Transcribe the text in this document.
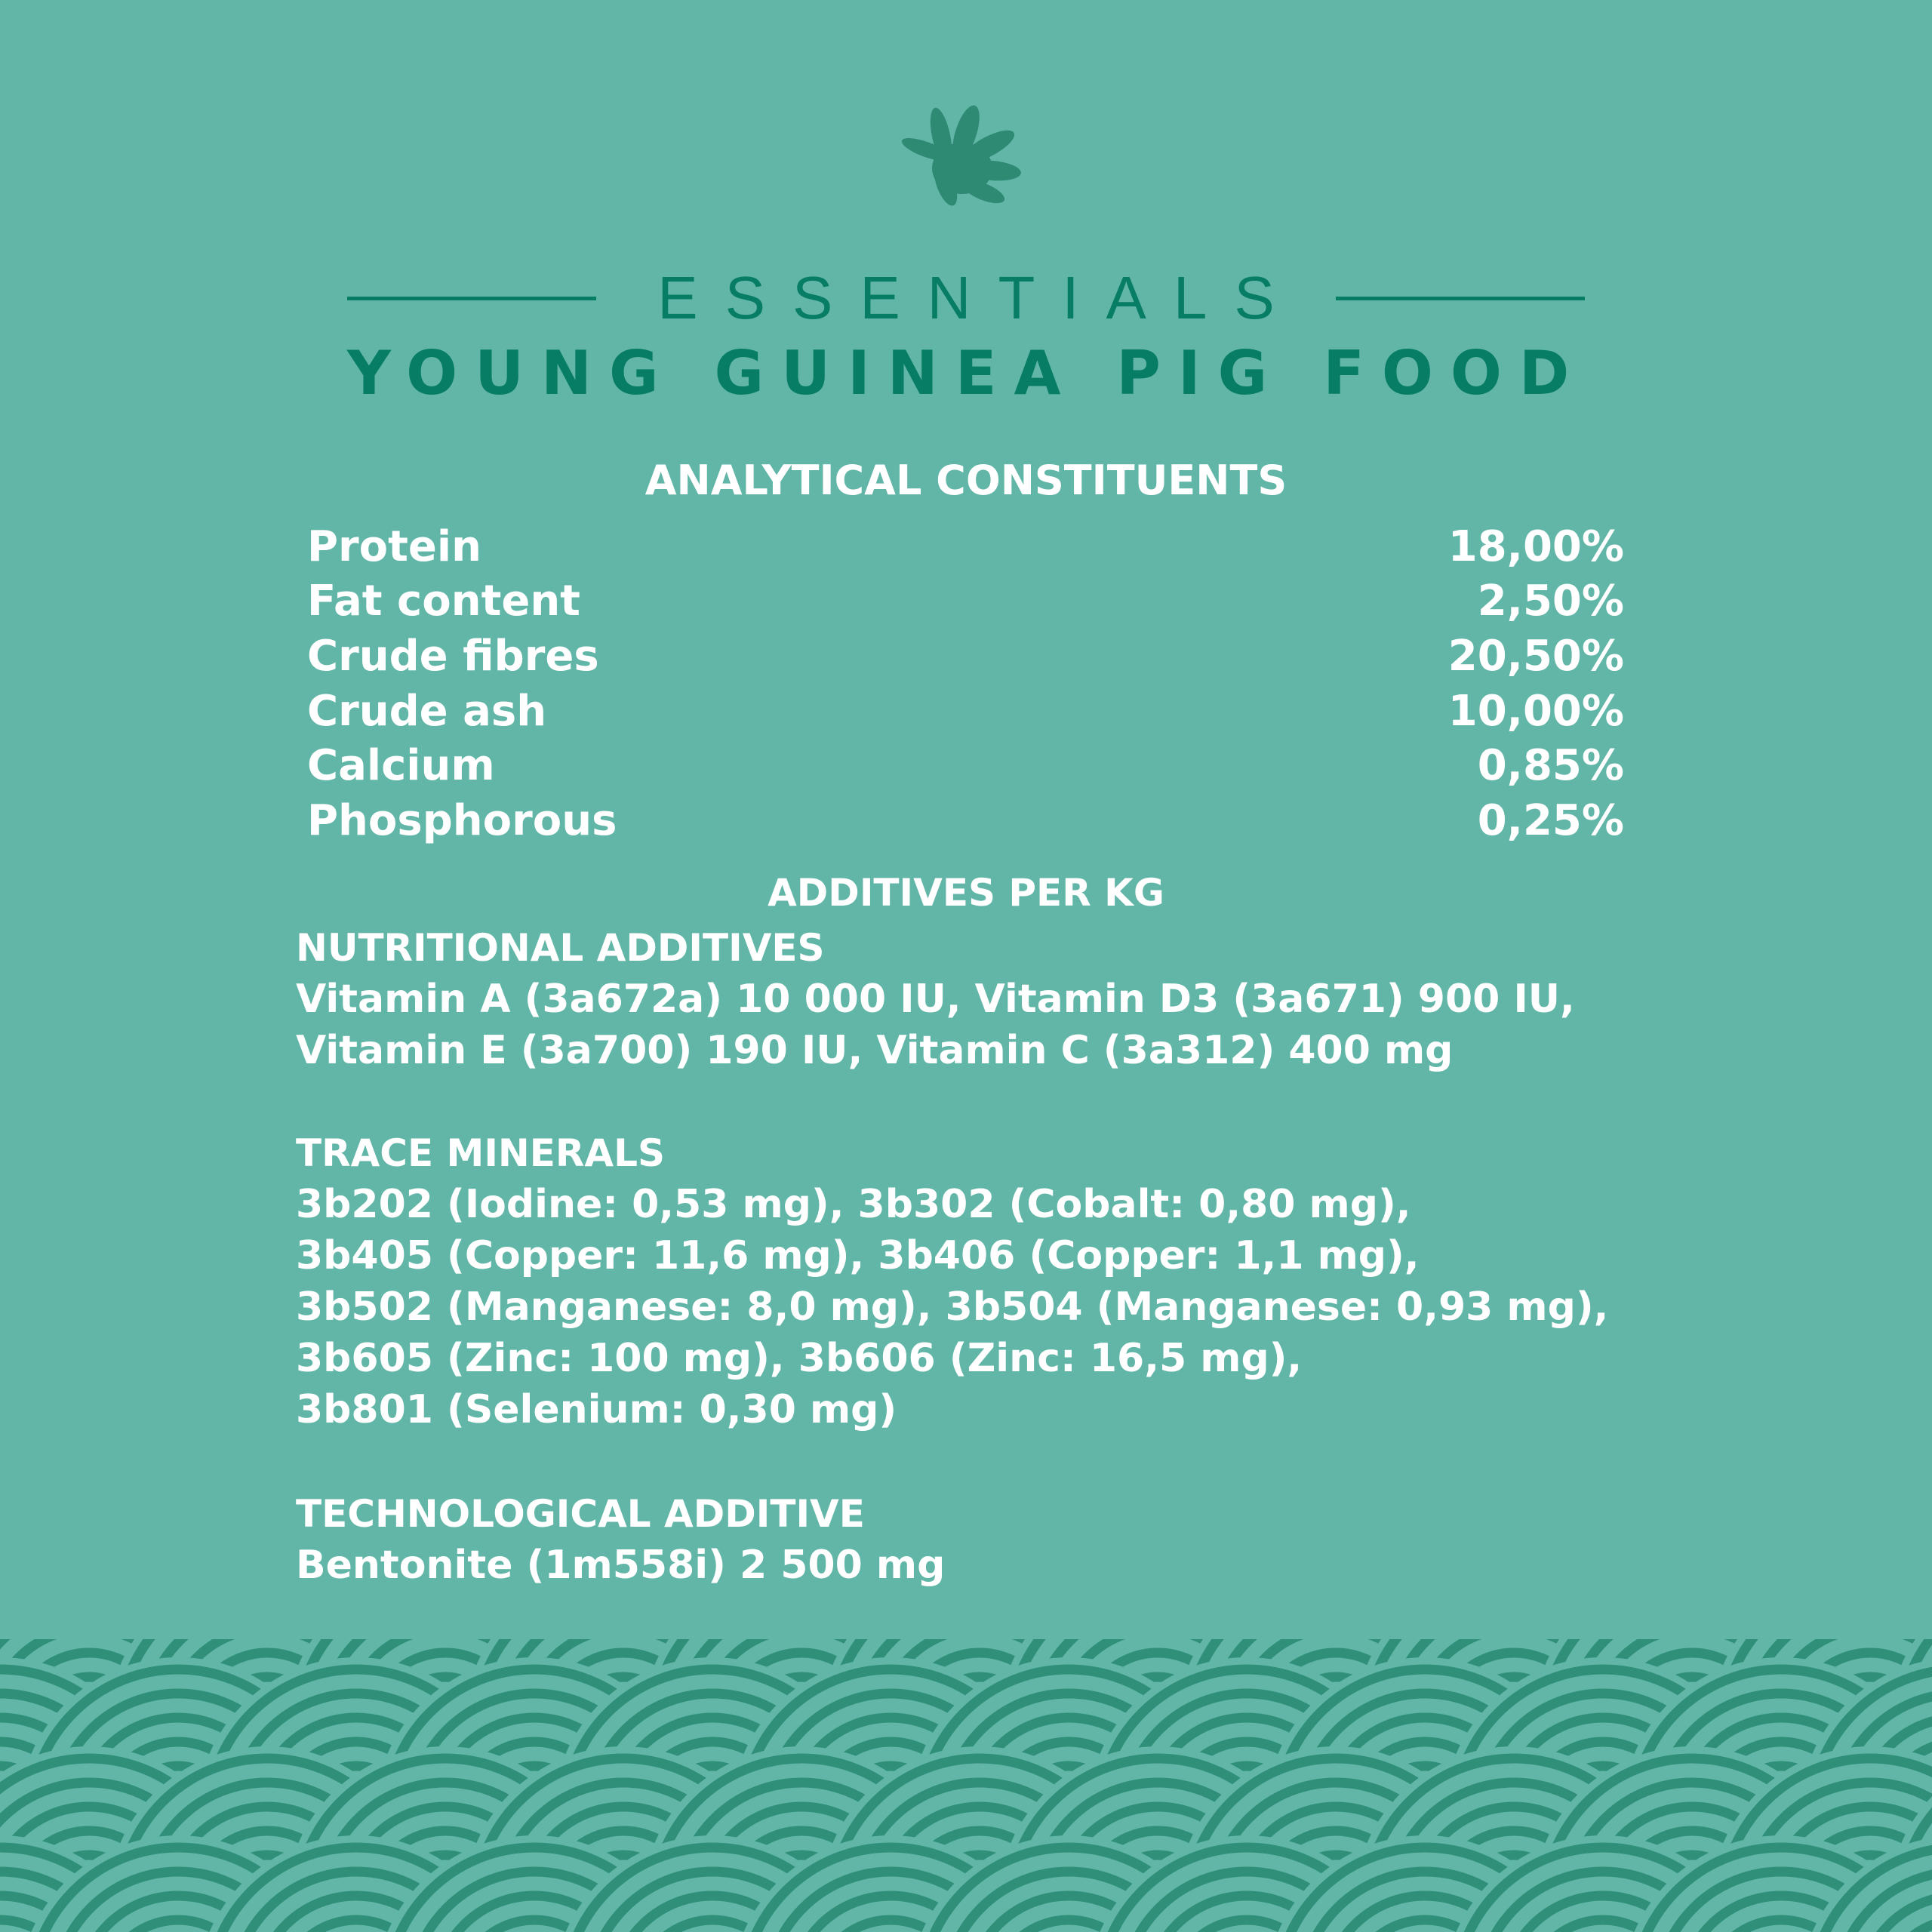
ESSENTIALS
YOUNG GUINEA PIG FOOD
ANALYTICAL CONSTITUENTS
Protein	18,00%
Fat content	2,50%
Crude fibres	20,50%
Crude ash	10,00%
Calcium	0,85%
Phosphorous	0,25%
ADDITIVES PER KG
NUTRITIONAL ADDITIVES
Vitamin A (3a672a) 10 000 IU, Vitamin D3 (3a671) 900 IU,
Vitamin E (3a700) 190 IU, Vitamin C (3a312) 400 mg
TRACE MINERALS
3b202 (Iodine: 0,53 mg), 3b302 (Cobalt: 0,80 mg),
3b405 (Copper: 11,6 mg), 3b406 (Copper: 1,1 mg),
3b502 (Manganese: 8,0 mg), 3b504 (Manganese: 0,93 mg),
3b605 (Zinc: 100 mg), 3b606 (Zinc: 16,5 mg),
3b801 (Selenium: 0,30 mg)
TECHNOLOGICAL ADDITIVE
Bentonite (1m558i) 2 500 mg
